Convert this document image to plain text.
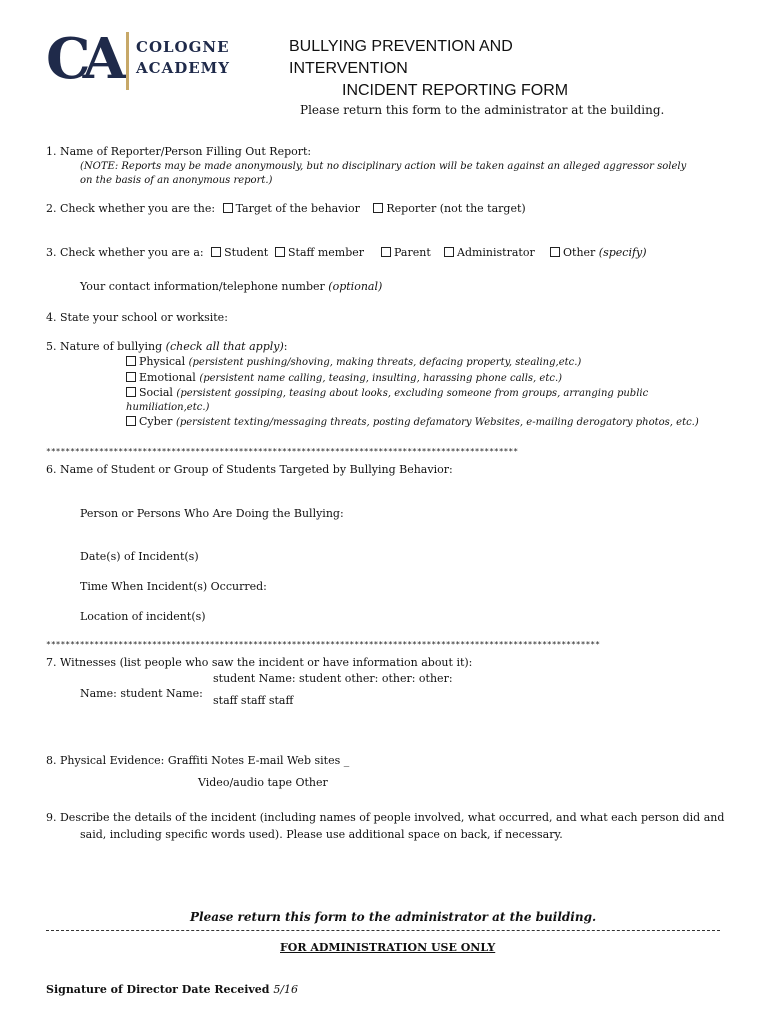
CA COLOGNE
ACADEMY
BULLYING PREVENTION AND
INTERVENTION
INCIDENT REPORTING FORM
Please return this form to the administrator at the building.
1. Name of Reporter/Person Filling Out Report:
(NOTE: Reports may be made anonymously, but no disciplinary action will be taken against an alleged aggressor solely
on the basis of an anonymous report.)
2. Check whether you are the: Target of the behavior Reporter (not the target)
3. Check whether you are a: Student	Staff member	Parent	Administrator	Other (specify)
Your contact information/telephone number (optional)
4. State your school or worksite:
5. Nature of bullying (check all that apply):
Physical (persistent pushing/shoving, making threats, defacing property, stealing,etc.)
Emotional (persistent name calling, teasing, insulting, harassing phone calls, etc.)
Social (persistent gossiping, teasing about looks, excluding someone from groups, arranging public
humiliation,etc.)
Cyber (persistent texting/messaging threats, posting defamatory Websites, e-mailing derogatory photos, etc.)
**************************************************************************************************
6. Name of Student or Group of Students Targeted by Bullying Behavior:
Person or Persons Who Are Doing the Bullying:
Date(s) of Incident(s)
Time When Incident(s) Occurred:
Location of incident(s)
*******************************************************************************************************************
7. Witnesses (list people who saw the incident or have information about it):
student Name: student other: other: other:
Name: student Name:
staff staff staff
8. Physical Evidence: Graffiti Notes E-mail Web sites _
Video/audio tape Other
9. Describe the details of the incident (including names of people involved, what occurred, and what each person did and
said, including specific words used). Please use additional space on back, if necessary.
Please return this form to the administrator at the building.
FOR ADMINISTRATION USE ONLY
Signature of Director Date Received 5/16
